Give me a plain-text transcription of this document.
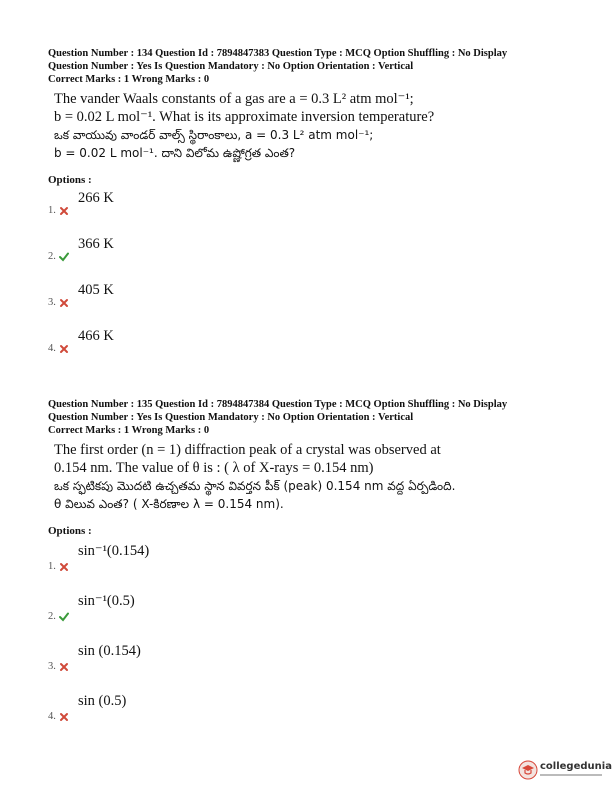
Question Number : 134 Question Id : 7894847383 Question Type : MCQ Option Shuffling : No Display
Question Number : Yes Is Question Mandatory : No Option Orientation : Vertical
Correct Marks : 1 Wrong Marks : 0
The vander Waals constants of a gas are a = 0.3 L² atm mol⁻¹;
b = 0.02 L mol⁻¹. What is its approximate inversion temperature?
ఒక వాయువు వాండర్ వాల్స్ స్థిరాంకాలు, a = 0.3 L² atm mol⁻¹;
b = 0.02 L mol⁻¹. దాని విలోమ ఉష్ణోగ్రత ఎంత?
Options :
266 K
1.
366 K
2.
405 K
3.
466 K
4.
Question Number : 135 Question Id : 7894847384 Question Type : MCQ Option Shuffling : No Display
Question Number : Yes Is Question Mandatory : No Option Orientation : Vertical
Correct Marks : 1 Wrong Marks : 0
The first order (n = 1) diffraction peak of a crystal was observed at
0.154 nm. The value of θ is : ( λ of X-rays = 0.154 nm)
ఒక స్ఫటికపు మొదటి ఉచ్చతమ స్థాన వివర్తన పీక్ (peak) 0.154 nm వద్ద ఏర్పడింది.
θ విలువ ఎంత? ( X-కిరణాల λ = 0.154 nm).
Options :
sin⁻¹(0.154)
1.
sin⁻¹(0.5)
2.
sin (0.154)
3.
sin (0.5)
4.
collegedunia
